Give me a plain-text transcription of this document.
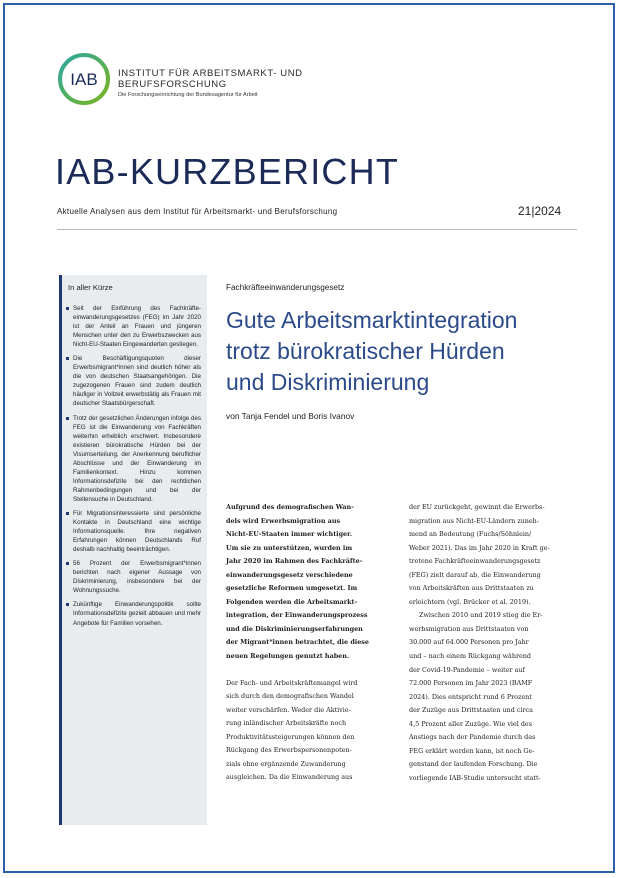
IAB INSTITUT FÜR ARBEITSMARKT- UND
BERUFSFORSCHUNG
Die Forschungseinrichtung der Bundesagentur für Arbeit
IAB-KURZBERICHT
Aktuelle Analysen aus dem Institut für Arbeitsmarkt- und Berufsforschung	21|2024
In aller Kürze
Seit der Einführung des Fachkräfte-einwanderungsgesetzes (FEG) im Jahr 2020 ist der Anteil an Frauen und jüngeren Menschen unter den zu Erwerbszwecken aus Nicht-EU-Staaten Eingewanderten gestiegen.
Die Beschäftigungsquoten dieser Erwerbsmigrant*innen sind deutlich höher als die von deutschen Staatsangehörigen. Die zugezogenen Frauen sind zudem deutlich häufiger in Vollzeit erwerbstätig als Frauen mit deutscher Staatsbürgerschaft.
Trotz der gesetzlichen Änderungen infolge des FEG ist die Einwanderung von Fachkräften weiterhin erheblich erschwert. Insbesondere existieren bürokratische Hürden bei der Visumserteilung, der Anerkennung beruflicher Abschlüsse und der Einwanderung im Familienkontext. Hinzu kommen Informationsdefizite bei den rechtlichen Rahmenbedingungen und bei der Stellensuche in Deutschland.
Für Migrationsinteressierte sind persönliche Kontakte in Deutschland eine wichtige Informationsquelle. Ihre negativen Erfahrungen können Deutschlands Ruf deshalb nachhaltig beeinträchtigen.
56 Prozent der Erwerbsmigrant*innen berichten nach eigener Aussage von Diskriminierung, insbesondere bei der Wohnungssuche.
Zukünftige Einwanderungspolitik sollte Informationsdefizite gezielt abbauen und mehr Angebote für Familien vorsehen.
Fachkräfteeinwanderungsgesetz
Gute Arbeitsmarktintegration
trotz bürokratischer Hürden
und Diskriminierung
von Tanja Fendel und Boris Ivanov
Aufgrund des demografischen Wan-
dels wird Erwerbsmigration aus
Nicht-EU-Staaten immer wichtiger.
Um sie zu unterstützen, wurden im
Jahr 2020 im Rahmen des Fachkräfte-
einwanderungsgesetz verschiedene
gesetzliche Reformen umgesetzt. Im
Folgenden werden die Arbeitsmarkt-
integration, der Einwanderungsprozess
und die Diskriminierungserfahrungen
der Migrant*innen betrachtet, die diese
neuen Regelungen genutzt haben.
Der Fach- und Arbeitskräftemangel wird
sich durch den demografischen Wandel
weiter verschärfen. Weder die Aktivie-
rung inländischer Arbeitskräfte noch
Produktivitätssteigerungen können den
Rückgang des Erwerbspersonenpoten-
zials ohne ergänzende Zuwanderung
ausgleichen. Da die Einwanderung aus
der EU zurückgeht, gewinnt die Erwerbs-
migration aus Nicht-EU-Ländern zuneh-
mend an Bedeutung (Fuchs/Söhnlein/
Weber 2021). Das im Jahr 2020 in Kraft ge-
tretene Fachkräfteeinwanderungsgesetz
(FEG) zielt darauf ab, die Einwanderung
von Arbeitskräften aus Drittstaaten zu
erleichtern (vgl. Brücker et al. 2019).
Zwischen 2010 und 2019 stieg die Er-
werbsmigration aus Drittstaaten von
30.000 auf 64.000 Personen pro Jahr
und – nach einem Rückgang während
der Covid-19-Pandemie – weiter auf
72.000 Personen im Jahr 2023 (BAMF
2024). Dies entspricht rund 6 Prozent
der Zuzüge aus Drittstaaten und circa
4,5 Prozent aller Zuzüge. Wie viel des
Anstiegs nach der Pandemie durch das
FEG erklärt werden kann, ist noch Ge-
genstand der laufenden Forschung. Die
vorliegende IAB-Studie untersucht statt-
